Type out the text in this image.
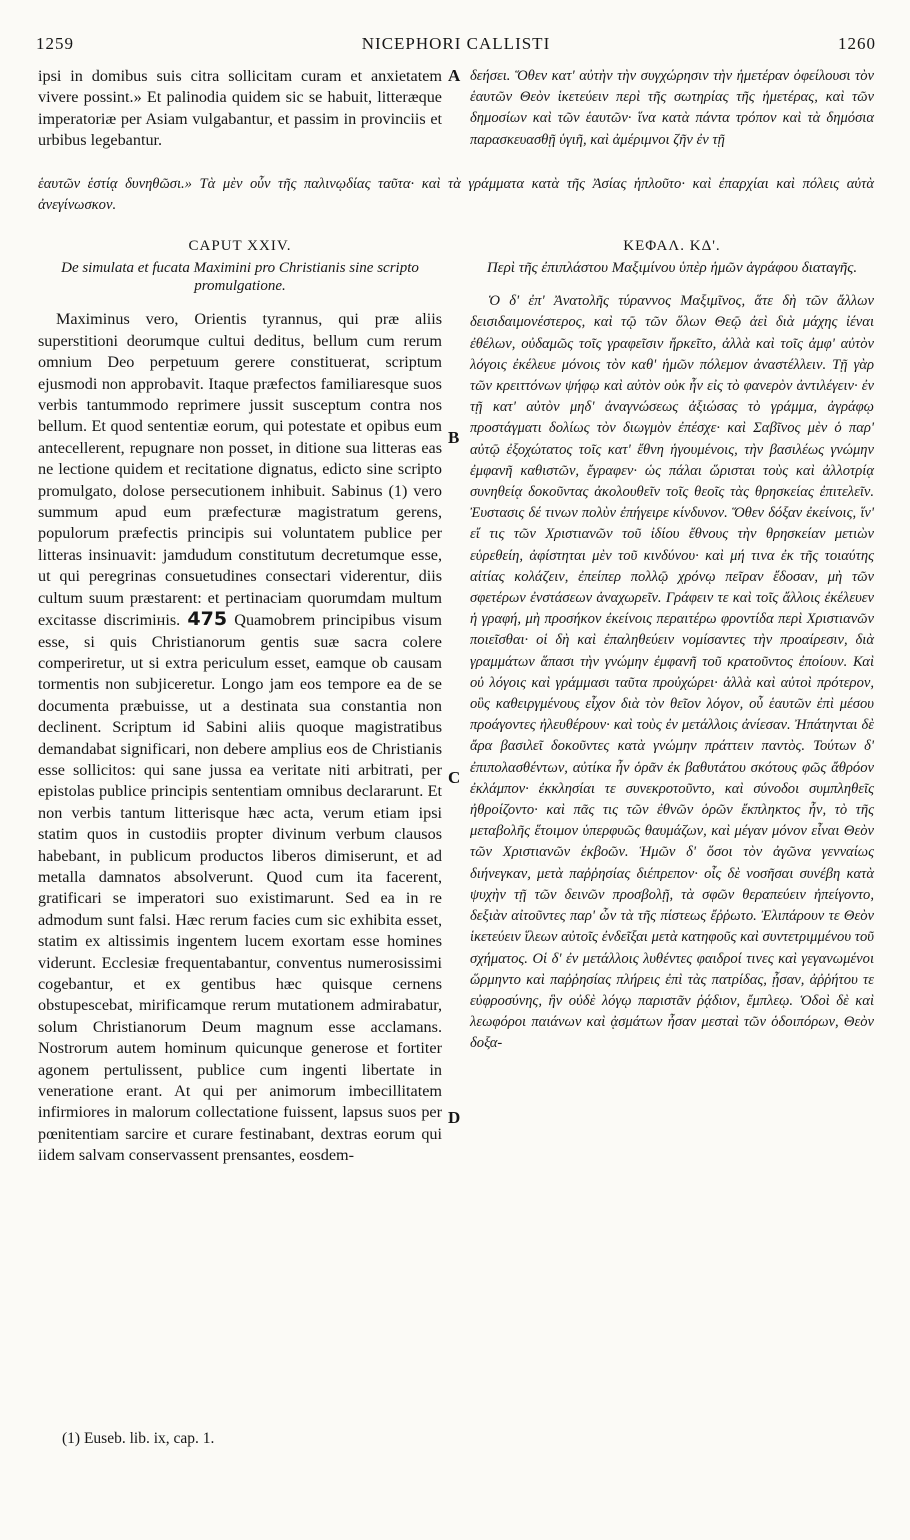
1259	NICEPHORI CALLISTI	1260
A
B
C
D
ipsi in domibus suis citra sollicitam curam et anxietatem vivere possint.» Et palinodia quidem sic se habuit, litteræque imperatoriæ per Asiam vulgabantur, et passim in provinciis et urbibus legebantur.
δεήσει. Ὅθεν κατ' αὐτὴν τὴν συγχώρησιν τὴν ἡμετέραν ὀφείλουσι τὸν ἑαυτῶν Θεὸν ἱκετεύειν περὶ τῆς σωτηρίας τῆς ἡμετέρας, καὶ τῶν δημοσίων καὶ τῶν ἑαυτῶν· ἵνα κατὰ πάντα τρόπον καὶ τὰ δημόσια παρασκευασθῇ ὑγιῆ, καὶ ἀμέριμνοι ζῆν ἐν τῇ
ἑαυτῶν ἑστίᾳ δυνηθῶσι.» Τὰ μὲν οὖν τῆς παλινῳδίας ταῦτα· καὶ τὰ γράμματα κατὰ τῆς Ἀσίας ἡπλοῦτο· καὶ ἐπαρχίαι καὶ πόλεις αὐτὰ ἀνεγίνωσκον.

CAPUT XXIV.

De simulata et fucata Maximini pro Christianis sine scripto promulgatione.

Maximinus vero, Orientis tyrannus, qui præ aliis superstitioni deorumque cultui deditus, bellum cum rerum omnium Deo perpetuum gerere constituerat, scriptum ejusmodi non approbavit. Itaque præfectos familiaresque suos verbis tantummodo reprimere jussit susceptum contra nos bellum. Et quod sententiæ eorum, qui potestate et opibus eum antecellerent, repugnare non posset, in ditione sua litteras eas ne lectione quidem et recitatione dignatus, edicto sine scripto promulgato, dolose persecutionem inhibuit. Sabinus (1) vero summum apud eum præfecturæ magistratum gerens, populorum præfectis principis sui voluntatem publice per litteras insinuavit: jamdudum constitutum decretumque esse, ut qui peregrinas consuetudines consectari viderentur, diis cultum suum præstarent: et pertinaciam quorumdam multum excitasse discrimінis. 475 Quamobrem principibus visum esse, si quis Christianorum gentis suæ sacra colere comperiretur, ut si extra periculum esset, eamque ob causam tormentis non subjiceretur. Longo jam eos tempore ea de se documenta præbuisse, ut a destinata sua constantia non declinent. Scriptum id Sabini aliis quoque magistratibus demandabat significari, non debere amplius eos de Christianis esse sollicitos: qui sane jussa ea veritate niti arbitrati, per epistolas publice principis sententiam omnibus declararunt. Et non verbis tantum litterisque hæc acta, verum etiam ipsi statim quos in custodiis propter divinum verbum clausos habebant, in publicum productos liberos dimiserunt, et ad metalla damnatos absolverunt. Quod cum ita facerent, gratificari se imperatori suo existimarunt. Sed ea in re admodum sunt falsi. Hæc rerum facies cum sic exhibita esset, statim ex altissimis ingentem lucem exortam esse homines viderunt. Ecclesiæ frequentabantur, conventus numerosissimi cogebantur, et ex gentibus hæc quisque cernens obstupescebat, mirificamque rerum mutationem admirabatur, solum Christianorum Deum magnum esse acclamans. Nostrorum autem hominum quicunque generose et fortiter agonem pertulissent, publice cum ingenti libertate in veneratione erant. At qui per animorum imbecillitatem infirmiores in malorum collectatione fuissent, lapsus suos per pœnitentiam sarcire et curare festinabant, dextras eorum qui iidem salvam conservassent prensantes, eosdem-

ΚΕΦΑΛ. ΚΔ'.

Περὶ τῆς ἐπιπλάστου Μαξιμίνου ὑπὲρ ἡμῶν ἀγράφου διαταγῆς.

Ὁ δ' ἐπ' Ἀνατολῆς τύραννος Μαξιμῖνος, ἅτε δὴ τῶν ἄλλων δεισιδαιμονέστερος, καὶ τῷ τῶν ὅλων Θεῷ ἀεὶ διὰ μάχης ἰέναι ἐθέλων, οὐδαμῶς τοῖς γραφεῖσιν ἤρκεῖτο, ἀλλὰ καὶ τοῖς ἀμφ' αὐτὸν λόγοις ἐκέλευε μόνοις τὸν καθ' ἡμῶν πόλεμον ἀναστέλλειν. Τῇ γὰρ τῶν κρειττόνων ψήφῳ καὶ αὐτὸν οὐκ ἦν εἰς τὸ φανερὸν ἀντιλέγειν· ἐν τῇ κατ' αὐτὸν μηδ' ἀναγνώσεως ἀξιώσας τὸ γράμμα, ἀγράφῳ προστάγματι δολίως τὸν διωγμὸν ἐπέσχε· καὶ Σαβῖνος μὲν ὁ παρ' αὐτῷ ἐξοχώτατος τοῖς κατ' ἔθνη ἡγουμένοις, τὴν βασιλέως γνώμην ἐμφανῆ καθιστῶν, ἔγραφεν· ὡς πάλαι ὥρισται τοὺς καὶ ἀλλοτρίᾳ συνηθείᾳ δοκοῦντας ἀκολουθεῖν τοῖς θεοῖς τὰς θρησκείας ἐπιτελεῖν. Ἐυστασις δέ τινων πολὺν ἐπήγειρε κίνδυνον. Ὅθεν δόξαν ἐκείνοις, ἵν' εἴ τις τῶν Χριστιανῶν τοῦ ἰδίου ἔθνους τὴν θρησκείαν μετιὼν εὑρεθείη, ἀφίστηται μὲν τοῦ κινδύνου· καὶ μή τινα ἐκ τῆς τοιαύτης αἰτίας κολάζειν, ἐπείπερ πολλῷ χρόνῳ πεῖραν ἔδοσαν, μὴ τῶν σφετέρων ἐνστάσεων ἀναχωρεῖν. Γράφειν τε καὶ τοῖς ἄλλοις ἐκέλευεν ἡ γραφή, μὴ προσήκον ἐκείνοις περαιτέρω φροντίδα περὶ Χριστιανῶν ποιεῖσθαι· οἱ δὴ καὶ ἐπαληθεύειν νομίσαντες τὴν προαίρεσιν, διὰ γραμμάτων ἅπασι τὴν γνώμην ἐμφανῆ τοῦ κρατοῦντος ἐποίουν. Καὶ οὐ λόγοις καὶ γράμμασι ταῦτα προὐχώρει· ἀλλὰ καὶ αὐτοὶ πρότερον, οὓς καθειργμένους εἶχον διὰ τὸν θεῖον λόγον, οὗ ἑαυτῶν ἐπὶ μέσου προάγοντες ἠλευθέρουν· καὶ τοὺς ἐν μετάλλοις ἀνίεσαν. Ἠπάτηνται δὲ ἄρα βασιλεῖ δοκοῦντες κατὰ γνώμην πράττειν παντὸς. Τούτων δ' ἐπιπολασθέντων, αὐτίκα ἦν ὁρᾶν ἐκ βαθυτάτου σκότους φῶς ἄθρόον ἐκλάμπον· ἐκκλησίαι τε συνεκροτοῦντο, καὶ σύνοδοι συμπληθεῖς ἠθροίζοντο· καὶ πᾶς τις τῶν ἐθνῶν ὁρῶν ἔκπληκτος ἦν, τὸ τῆς μεταβολῆς ἕτοιμον ὑπερφυῶς θαυμάζων, καὶ μέγαν μόνον εἶναι Θεὸν τῶν Χριστιανῶν ἐκβοῶν. Ἡμῶν δ' ὅσοι τὸν ἀγῶνα γενναίως διήνεγκαν, μετὰ παῤῥησίας διέπρεπον· οἷς δὲ νοσῆσαι συνέβη κατὰ ψυχὴν τῇ τῶν δεινῶν προσβολῇ, τὰ σφῶν θεραπεύειν ἠπείγοντο, δεξιὰν αἰτοῦντες παρ' ὧν τὰ τῆς πίστεως ἔῤῥωτο. Ἐλιπάρουν τε Θεὸν ἱκετεύειν ἵλεων αὐτοῖς ἐνδεῖξαι μετὰ κατηφοῦς καὶ συντετριμμένου τοῦ σχήματος. Οἱ δ' ἐν μετάλλοις λυθέντες φαιδροί τινες καὶ γεγανωμένοι ὥρμηντο καὶ παῤῥησίας πλήρεις ἐπὶ τὰς πατρίδας, ᾖσαν, ἀῤῥήτου τε εὐφροσύνης, ἣν οὐδὲ λόγῳ παριστᾶν ῥᾴδιον, ἔμπλεῳ. Ὁδοὶ δὲ καὶ λεωφόροι παιάνων καὶ ᾀσμάτων ἦσαν μεσταὶ τῶν ὁδοιπόρων, Θεὸν δοξα-

(1) Euseb. lib. ix, cap. 1.
